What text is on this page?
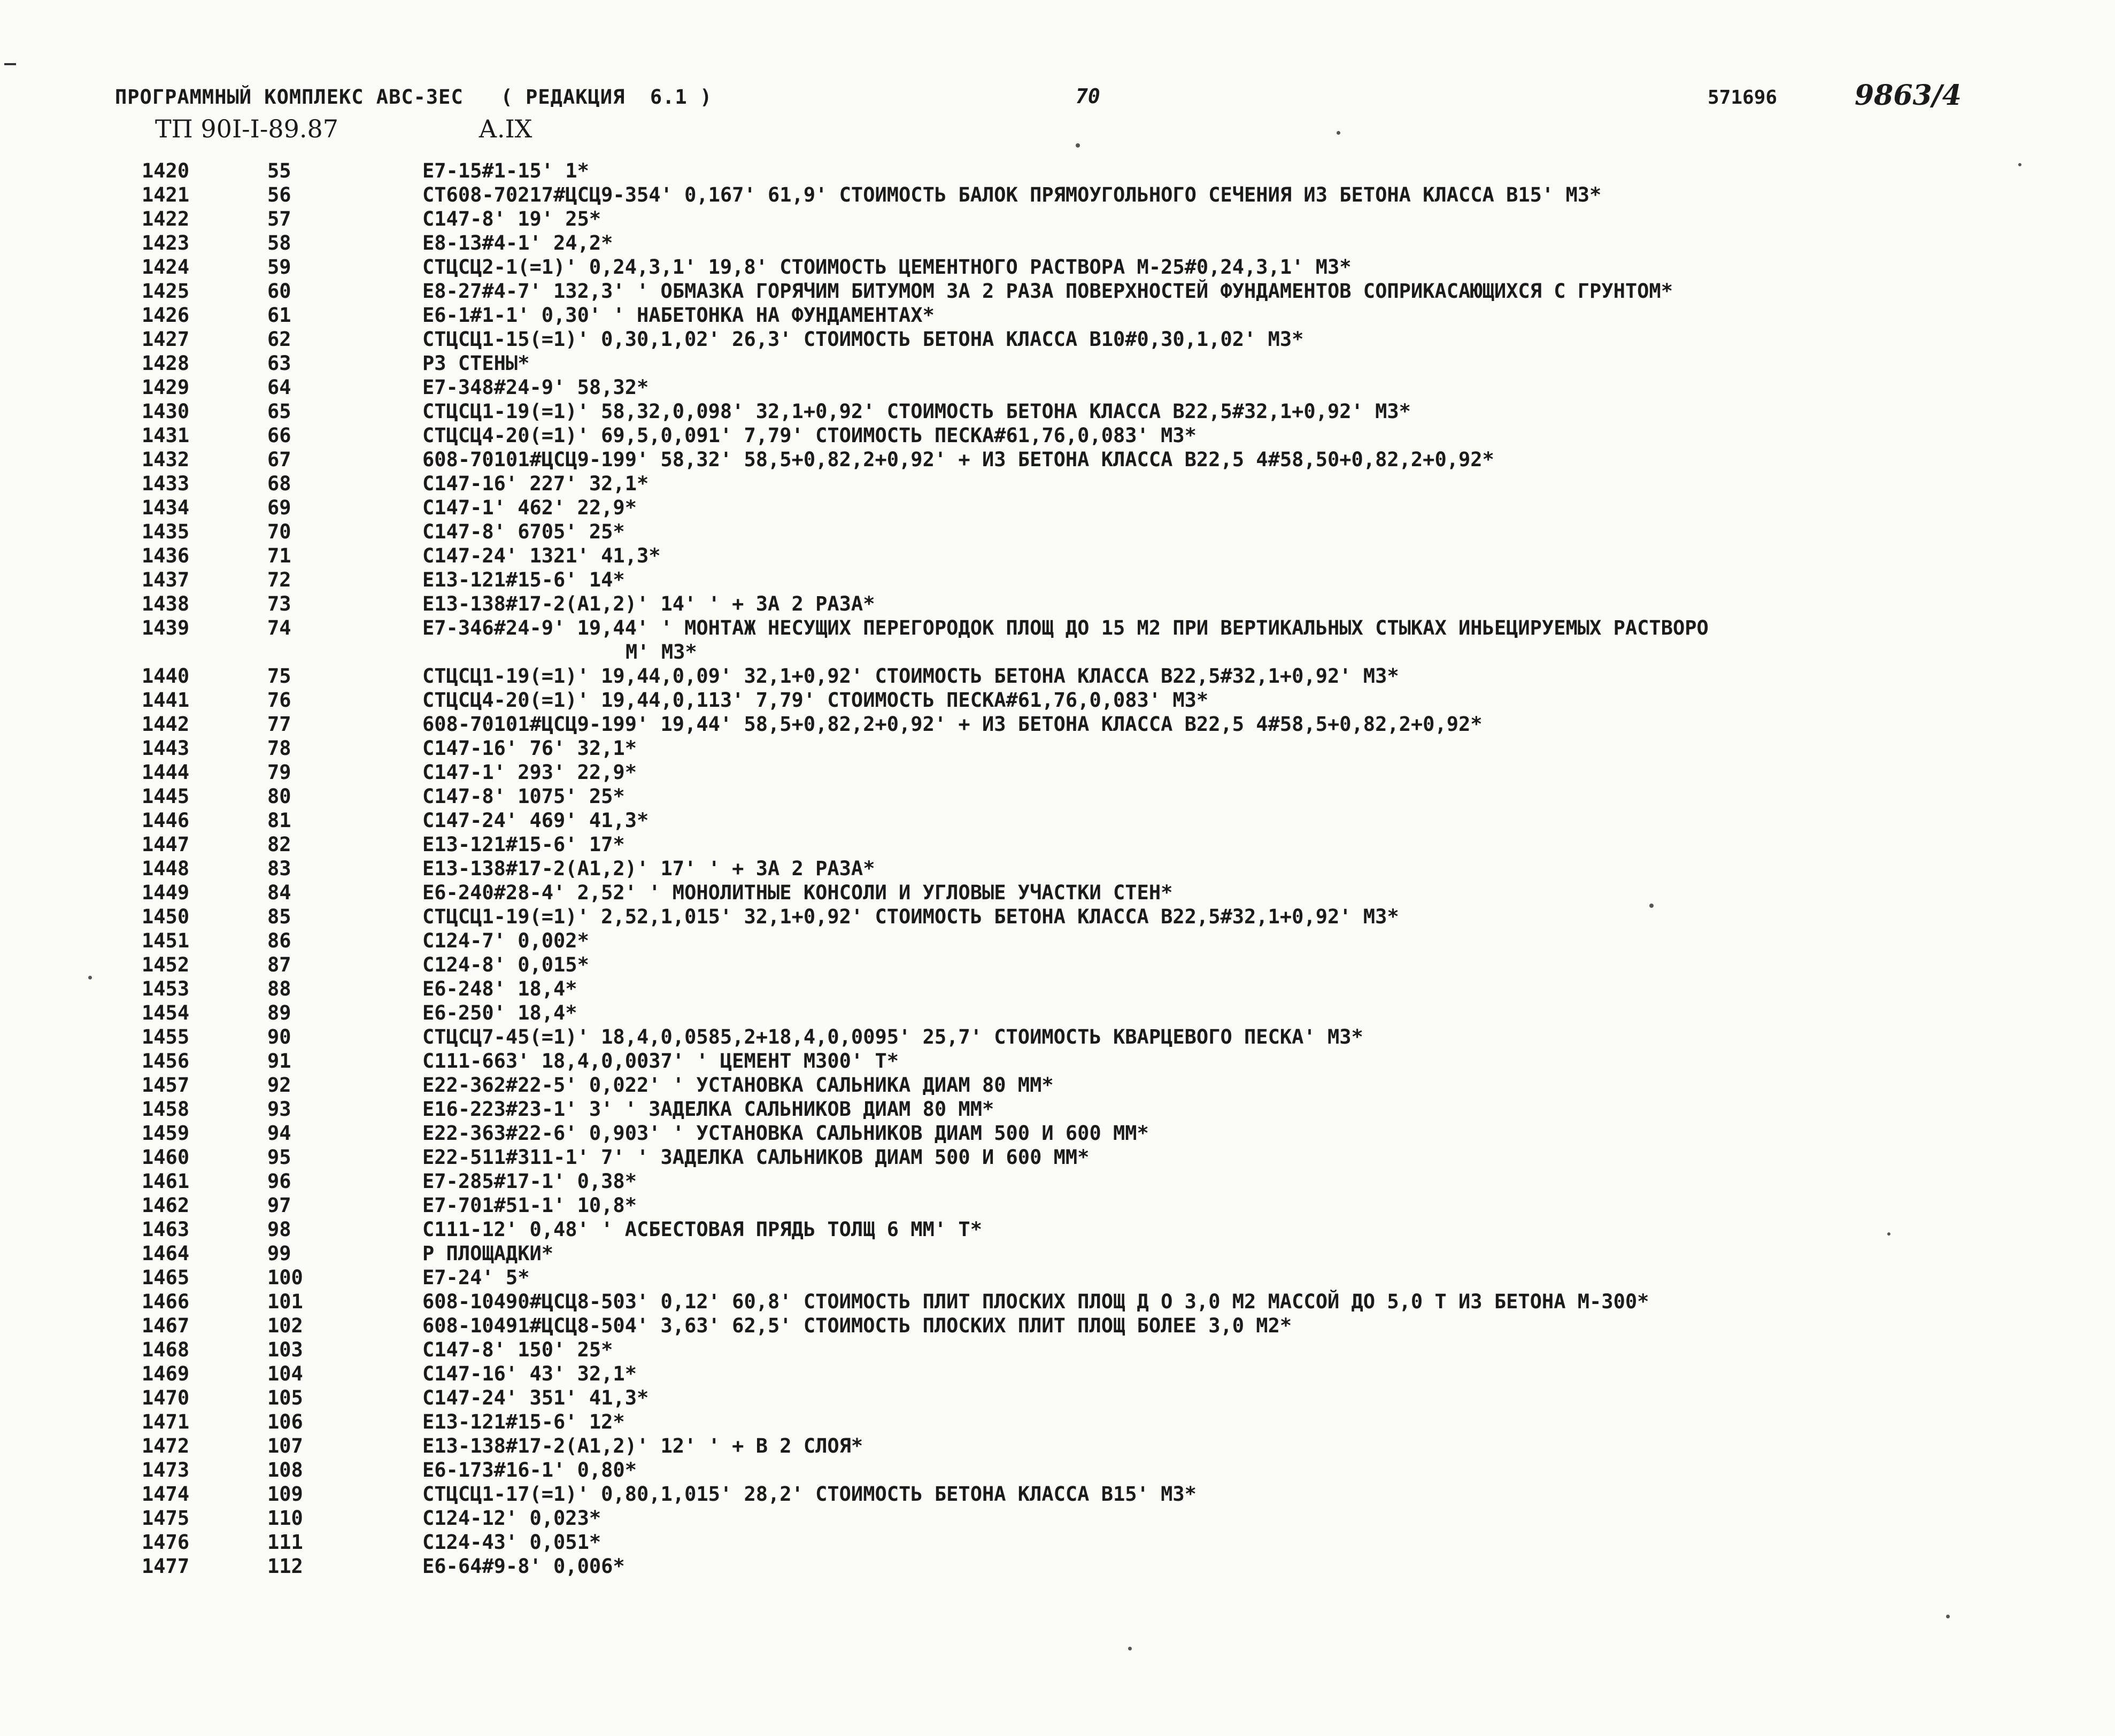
ПРОГРАММНЫЙ КОМПЛЕКС АВС-3ЕС   ( РЕДАКЦИЯ  6.1 )	70	571696	9863/4
ТП 90I-I-89.87	А.IX
1420	55	Е7-15#1-15' 1*
1421	56	СТ608-70217#ЦСЦ9-354' 0,167' 61,9' СТОИМОСТЬ БАЛОК ПРЯМОУГОЛЬНОГО СЕЧЕНИЯ ИЗ БЕТОНА КЛАССА В15' М3*
1422	57	С147-8' 19' 25*
1423	58	Е8-13#4-1' 24,2*
1424	59	СТЦСЦ2-1(=1)' 0,24,3,1' 19,8' СТОИМОСТЬ ЦЕМЕНТНОГО РАСТВОРА М-25#0,24,3,1' М3*
1425	60	Е8-27#4-7' 132,3' ' ОБМАЗКА ГОРЯЧИМ БИТУМОМ ЗА 2 РАЗА ПОВЕРХНОСТЕЙ ФУНДАМЕНТОВ СОПРИКАСАЮЩИХСЯ С ГРУНТОМ*
1426	61	Е6-1#1-1' 0,30' ' НАБЕТОНКА НА ФУНДАМЕНТАХ*
1427	62	СТЦСЦ1-15(=1)' 0,30,1,02' 26,3' СТОИМОСТЬ БЕТОНА КЛАССА В10#0,30,1,02' М3*
1428	63	Р3 СТЕНЫ*
1429	64	Е7-348#24-9' 58,32*
1430	65	СТЦСЦ1-19(=1)' 58,32,0,098' 32,1+0,92' СТОИМОСТЬ БЕТОНА КЛАССА В22,5#32,1+0,92' М3*
1431	66	СТЦСЦ4-20(=1)' 69,5,0,091' 7,79' СТОИМОСТЬ ПЕСКА#61,76,0,083' М3*
1432	67	608-70101#ЦСЦ9-199' 58,32' 58,5+0,82,2+0,92' + ИЗ БЕТОНА КЛАССА В22,5 4#58,50+0,82,2+0,92*
1433	68	С147-16' 227' 32,1*
1434	69	С147-1' 462' 22,9*
1435	70	С147-8' 6705' 25*
1436	71	С147-24' 1321' 41,3*
1437	72	Е13-121#15-6' 14*
1438	73	Е13-138#17-2(А1,2)' 14' ' + ЗА 2 РАЗА*
1439	74	Е7-346#24-9' 19,44' ' МОНТАЖ НЕСУЩИХ ПЕРЕГОРОДОК ПЛОЩ ДО 15 М2 ПРИ ВЕРТИКАЛЬНЫХ СТЫКАХ ИНЬЕЦИРУЕМЫХ РАСТВОРО
М' М3*
1440	75	СТЦСЦ1-19(=1)' 19,44,0,09' 32,1+0,92' СТОИМОСТЬ БЕТОНА КЛАССА В22,5#32,1+0,92' М3*
1441	76	СТЦСЦ4-20(=1)' 19,44,0,113' 7,79' СТОИМОСТЬ ПЕСКА#61,76,0,083' М3*
1442	77	608-70101#ЦСЦ9-199' 19,44' 58,5+0,82,2+0,92' + ИЗ БЕТОНА КЛАССА В22,5 4#58,5+0,82,2+0,92*
1443	78	С147-16' 76' 32,1*
1444	79	С147-1' 293' 22,9*
1445	80	С147-8' 1075' 25*
1446	81	С147-24' 469' 41,3*
1447	82	Е13-121#15-6' 17*
1448	83	Е13-138#17-2(А1,2)' 17' ' + ЗА 2 РАЗА*
1449	84	Е6-240#28-4' 2,52' ' МОНОЛИТНЫЕ КОНСОЛИ И УГЛОВЫЕ УЧАСТКИ СТЕН*
1450	85	СТЦСЦ1-19(=1)' 2,52,1,015' 32,1+0,92' СТОИМОСТЬ БЕТОНА КЛАССА В22,5#32,1+0,92' М3*
1451	86	С124-7' 0,002*
1452	87	С124-8' 0,015*
1453	88	Е6-248' 18,4*
1454	89	Е6-250' 18,4*
1455	90	СТЦСЦ7-45(=1)' 18,4,0,0585,2+18,4,0,0095' 25,7' СТОИМОСТЬ КВАРЦЕВОГО ПЕСКА' М3*
1456	91	С111-663' 18,4,0,0037' ' ЦЕМЕНТ М300' Т*
1457	92	Е22-362#22-5' 0,022' ' УСТАНОВКА САЛЬНИКА ДИАМ 80 ММ*
1458	93	Е16-223#23-1' 3' ' ЗАДЕЛКА САЛЬНИКОВ ДИАМ 80 ММ*
1459	94	Е22-363#22-6' 0,903' ' УСТАНОВКА САЛЬНИКОВ ДИАМ 500 И 600 ММ*
1460	95	Е22-511#311-1' 7' ' ЗАДЕЛКА САЛЬНИКОВ ДИАМ 500 И 600 ММ*
1461	96	Е7-285#17-1' 0,38*
1462	97	Е7-701#51-1' 10,8*
1463	98	С111-12' 0,48' ' АСБЕСТОВАЯ ПРЯДЬ ТОЛЩ 6 ММ' Т*
1464	99	Р ПЛОЩАДКИ*
1465	100	Е7-24' 5*
1466	101	608-10490#ЦСЦ8-503' 0,12' 60,8' СТОИМОСТЬ ПЛИТ ПЛОСКИХ ПЛОЩ Д О 3,0 М2 МАССОЙ ДО 5,0 Т ИЗ БЕТОНА М-300*
1467	102	608-10491#ЦСЦ8-504' 3,63' 62,5' СТОИМОСТЬ ПЛОСКИХ ПЛИТ ПЛОЩ БОЛЕЕ 3,0 М2*
1468	103	С147-8' 150' 25*
1469	104	С147-16' 43' 32,1*
1470	105	С147-24' 351' 41,3*
1471	106	Е13-121#15-6' 12*
1472	107	Е13-138#17-2(А1,2)' 12' ' + В 2 СЛОЯ*
1473	108	Е6-173#16-1' 0,80*
1474	109	СТЦСЦ1-17(=1)' 0,80,1,015' 28,2' СТОИМОСТЬ БЕТОНА КЛАССА В15' М3*
1475	110	С124-12' 0,023*
1476	111	С124-43' 0,051*
1477	112	Е6-64#9-8' 0,006*
